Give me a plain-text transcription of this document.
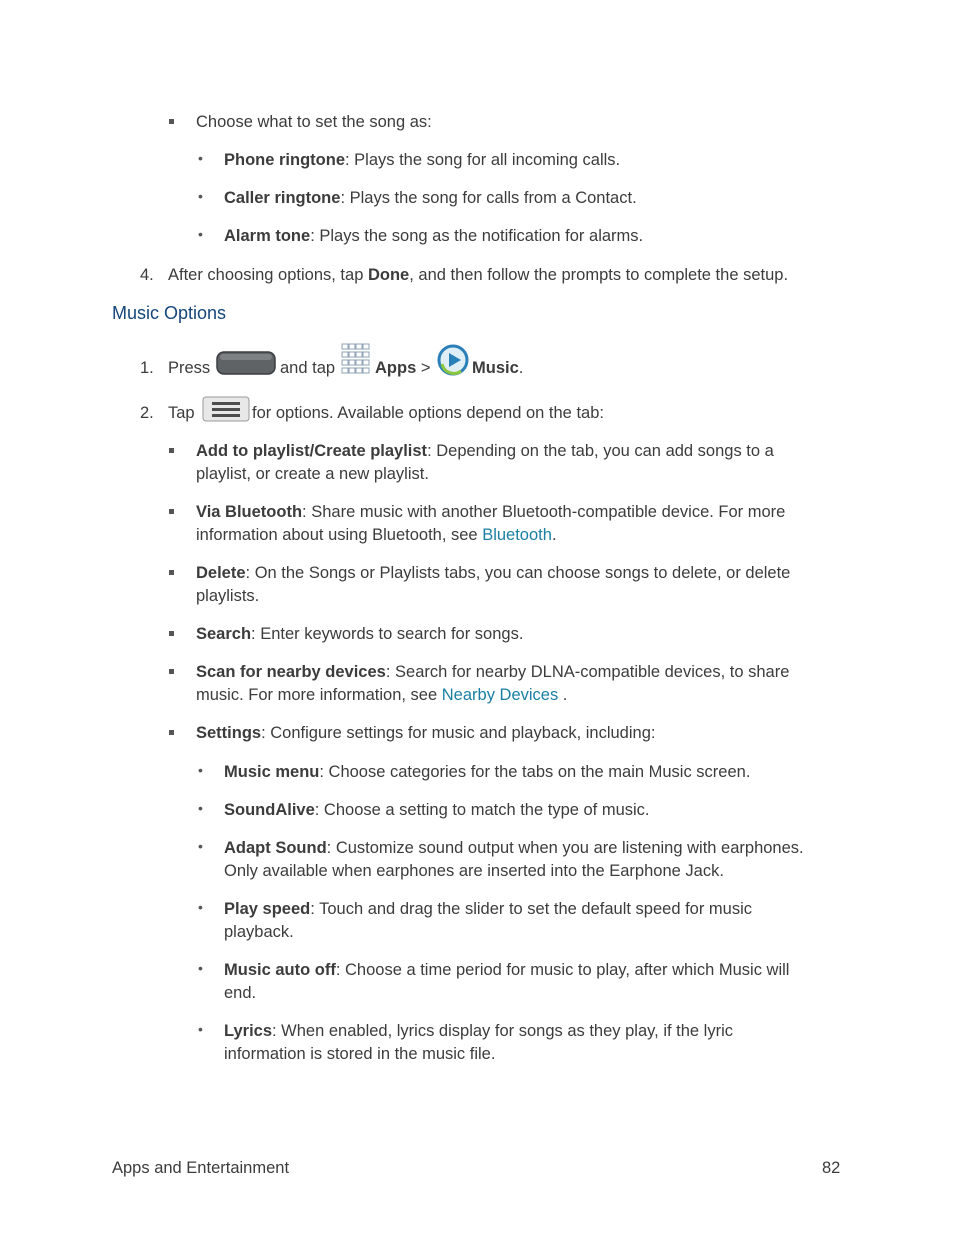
Choose what to set the song as:
• Phone ringtone: Plays the song for all incoming calls.
• Caller ringtone: Plays the song for calls from a Contact.
• Alarm tone: Plays the song as the notification for alarms.
4. After choosing options, tap Done, and then follow the prompts to complete the setup.
Music Options
1. Press	and tap Apps >	Music.
2. Tap	for options. Available options depend on the tab:
Add to playlist/Create playlist: Depending on the tab, you can add songs to a
playlist, or create a new playlist.
Via Bluetooth: Share music with another Bluetooth-compatible device. For more
information about using Bluetooth, see Bluetooth.
Delete: On the Songs or Playlists tabs, you can choose songs to delete, or delete
playlists.
Search: Enter keywords to search for songs.
Scan for nearby devices: Search for nearby DLNA-compatible devices, to share
music. For more information, see Nearby Devices .
Settings: Configure settings for music and playback, including:
• Music menu: Choose categories for the tabs on the main Music screen.
• SoundAlive: Choose a setting to match the type of music.
• Adapt Sound: Customize sound output when you are listening with earphones.
Only available when earphones are inserted into the Earphone Jack.
• Play speed: Touch and drag the slider to set the default speed for music
playback.
• Music auto off: Choose a time period for music to play, after which Music will
end.
• Lyrics: When enabled, lyrics display for songs as they play, if the lyric
information is stored in the music file.
Apps and Entertainment	82
